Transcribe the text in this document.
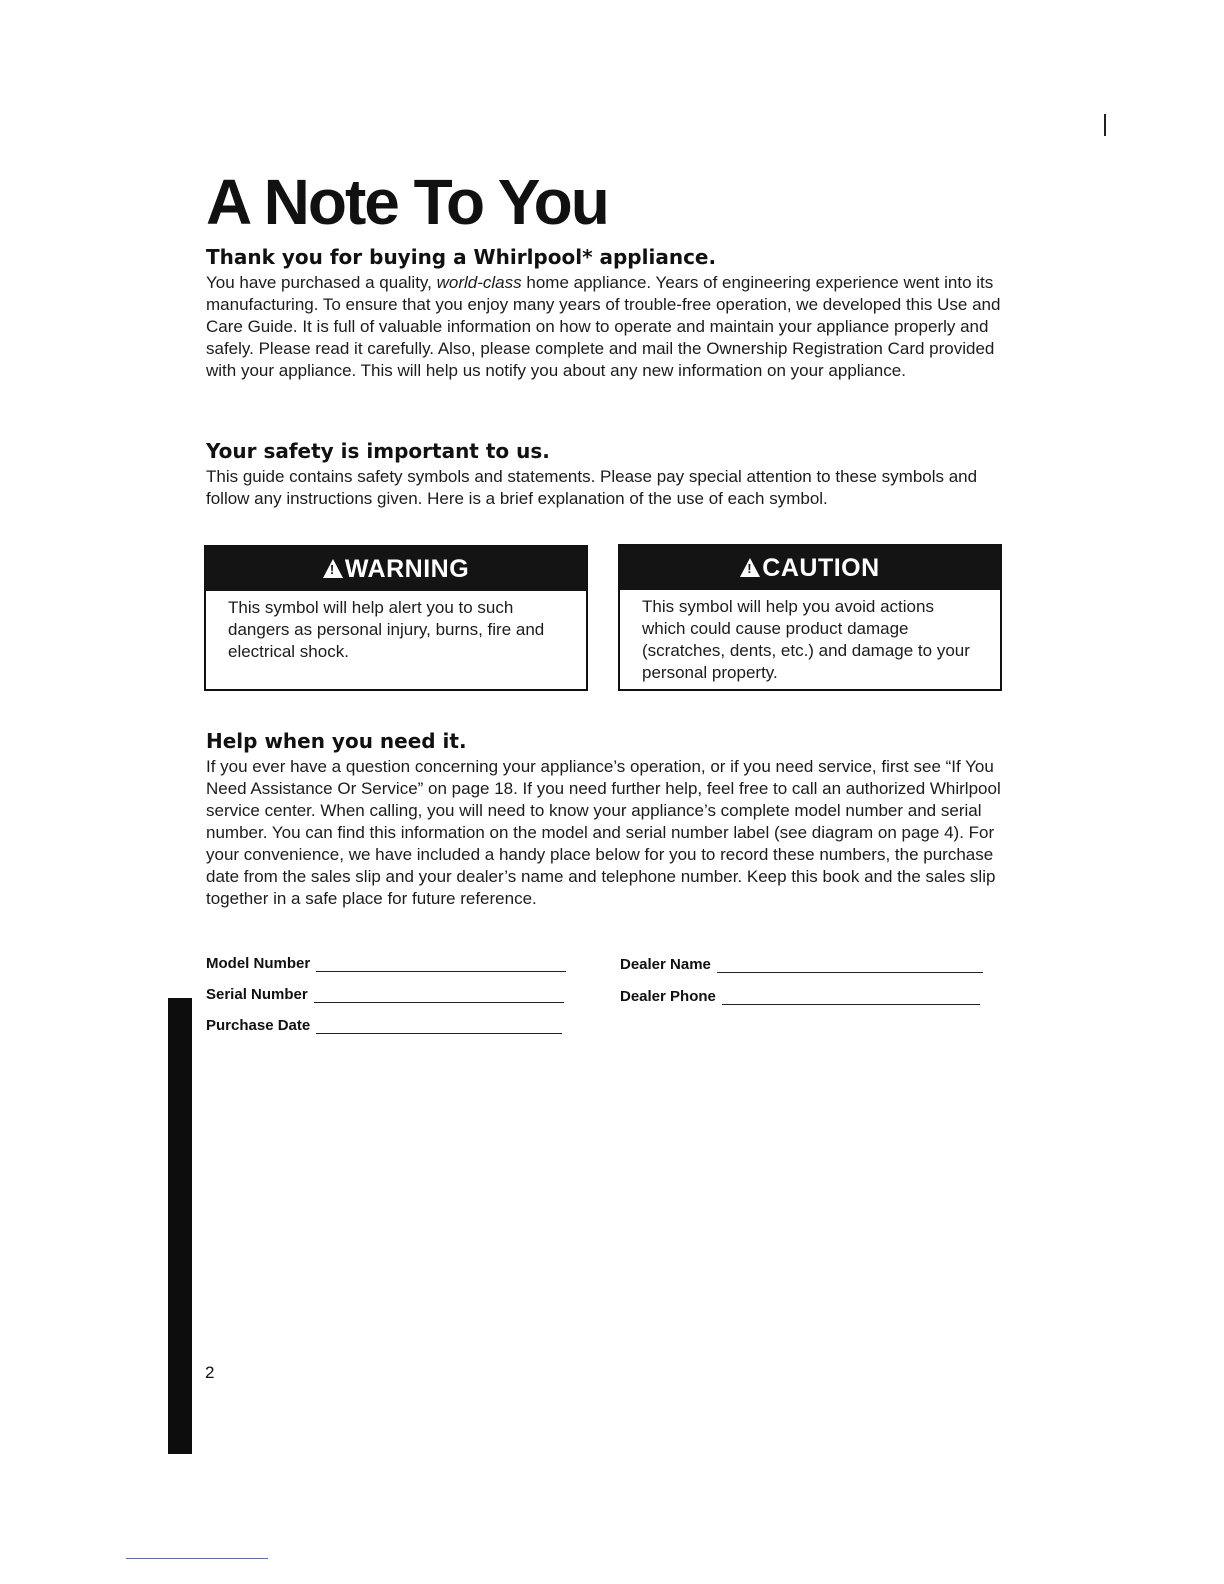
A Note To You
Thank you for buying a Whirlpool* appliance.

You have purchased a quality, world-class home appliance. Years of engineering experience went into its manufacturing. To ensure that you enjoy many years of trouble-free operation, we developed this Use and Care Guide. It is full of valuable information on how to operate and maintain your appliance properly and safely. Please read it carefully. Also, please complete and mail the Ownership Registration Card provided with your appliance. This will help us notify you about any new information on your appliance.

Your safety is important to us.

This guide contains safety symbols and statements. Please pay special attention to these symbols and follow any instructions given. Here is a brief explanation of the use of each symbol.

!
WARNING
This symbol will help alert you to such dangers as personal injury, burns, fire and electrical shock.
!
CAUTION
This symbol will help you avoid actions which could cause product damage (scratches, dents, etc.) and damage to your personal property.
Help when you need it.

If you ever have a question concerning your appliance’s operation, or if you need service, first see “If You Need Assistance Or Service” on page 18. If you need further help, feel free to call an authorized Whirlpool service center. When calling, you will need to know your appliance’s complete model number and serial number. You can find this information on the model and serial number label (see diagram on page 4). For your convenience, we have included a handy place below for you to record these numbers, the purchase date from the sales slip and your dealer’s name and telephone number. Keep this book and the sales slip together in a safe place for future reference.

Model Number
Serial Number
Purchase Date
Dealer Name
Dealer Phone
2
